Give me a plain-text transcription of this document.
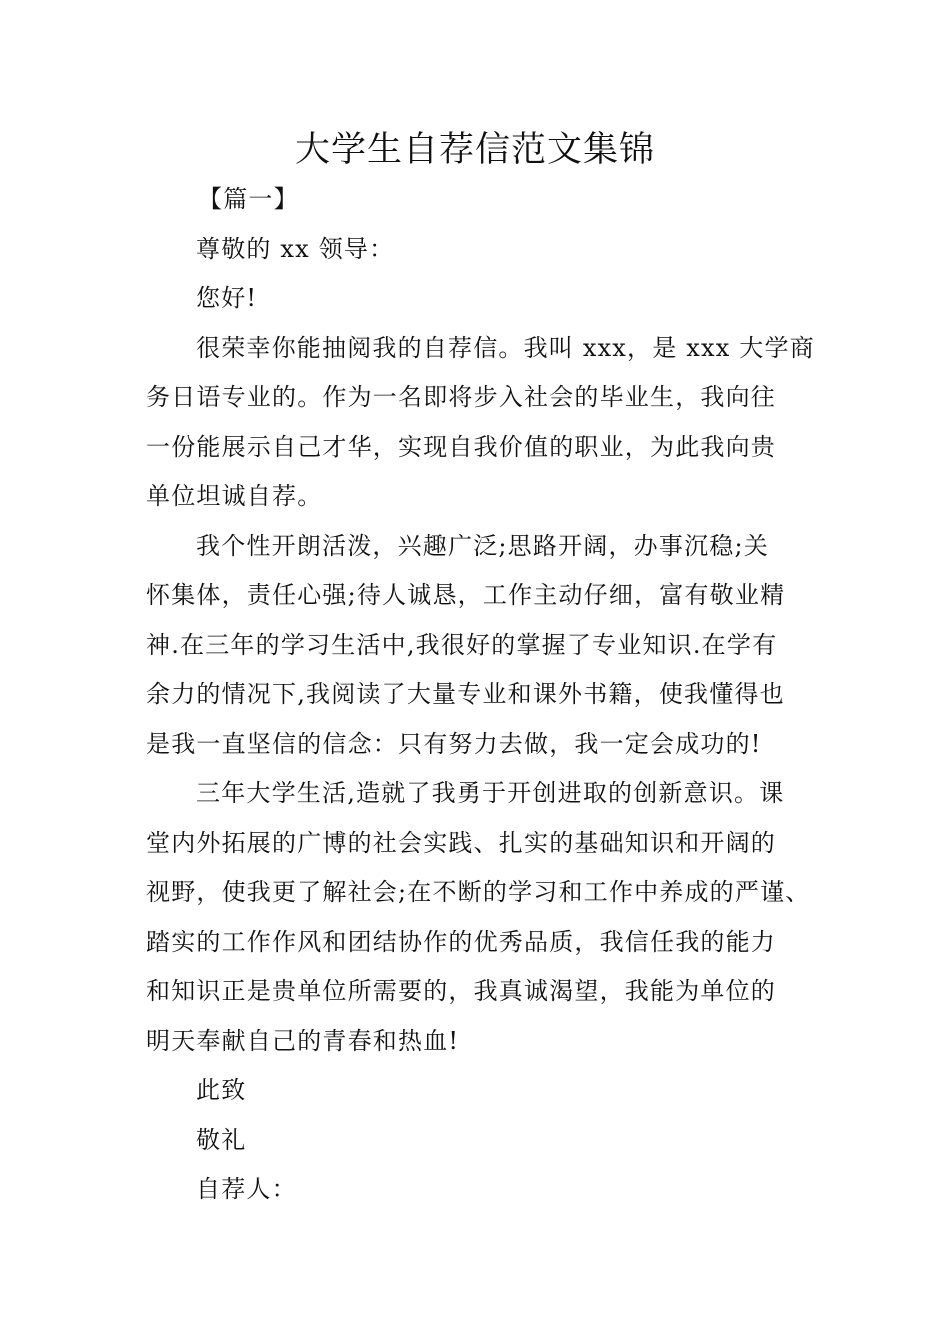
大学生自荐信范文集锦
【篇一】
尊敬的 xx 领导：
您好!
很荣幸你能抽阅我的自荐信。我叫 xxx，是 xxx 大学商
务日语专业的。作为一名即将步入社会的毕业生，我向往
一份能展示自己才华，实现自我价值的职业，为此我向贵
单位坦诚自荐。
我个性开朗活泼，兴趣广泛;思路开阔，办事沉稳;关
怀集体，责任心强;待人诚恳，工作主动仔细，富有敬业精
神.在三年的学习生活中,我很好的掌握了专业知识.在学有
余力的情况下,我阅读了大量专业和课外书籍，使我懂得也
是我一直坚信的信念：只有努力去做，我一定会成功的!
三年大学生活,造就了我勇于开创进取的创新意识。课
堂内外拓展的广博的社会实践、扎实的基础知识和开阔的
视野，使我更了解社会;在不断的学习和工作中养成的严谨、
踏实的工作作风和团结协作的优秀品质，我信任我的能力
和知识正是贵单位所需要的，我真诚渴望，我能为单位的
明天奉献自己的青春和热血!
此致
敬礼
自荐人：
